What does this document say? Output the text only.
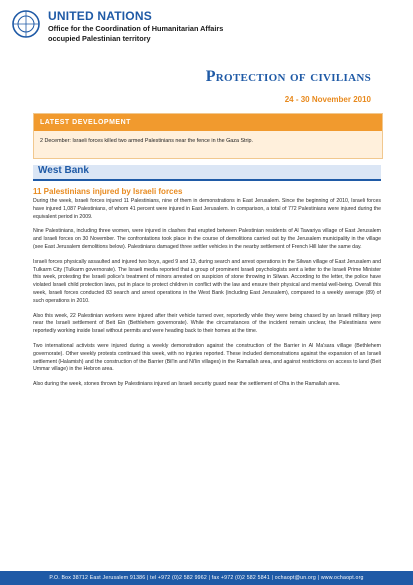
UNITED NATIONS
Office for the Coordination of Humanitarian Affairs
occupied Palestinian territory
Protection of civilians
24 - 30 November 2010
LATEST DEVELOPMENT
2 December: Israeli forces killed two armed Palestinians near the fence in the Gaza Strip.
West Bank
11 Palestinians injured by Israeli forces

During the week, Israeli forces injured 11 Palestinians, nine of them in demonstrations in East Jerusalem. Since the beginning of 2010, Israeli forces have injured 1,087 Palestinians, of whom 41 percent were injured in East Jerusalem. In comparison, a total of 772 Palestinians were injured during the equivalent period in 2009.

Nine Palestinians, including three women, were injured in clashes that erupted between Palestinian residents of Al Tawariya village of East Jerusalem and Israeli forces on 30 November. The confrontations took place in the course of demolitions carried out by the Jerusalem municipality in the village (see East Jerusalem demolitions below). Palestinians damaged three settler vehicles in the nearby settlement of French Hill later the same day.

Israeli forces physically assaulted and injured two boys, aged 9 and 13, during search and arrest operations in the Silwan village of East Jerusalem and Tulkarm City (Tulkarm governorate). The Israeli media reported that a group of prominent Israeli psychologists sent a letter to the Israeli Prime Minister this week, protesting the Israeli police's treatment of minors arrested on suspicion of stone throwing in Silwan. According to the letter, the police have violated Israeli child protection laws, put in place to protect children in conflict with the law and ensure their physical and mental well-being. Overall this week, Israeli forces conducted 83 search and arrest operations in the West Bank (including East Jerusalem), compared to a weekly average (89) of such operations in 2010.

Also this week, 22 Palestinian workers were injured after their vehicle turned over, reportedly while they were being chased by an Israeli military jeep near the Israeli settlement of Beit Ein (Bethlehem governorate). While the circumstances of the incident remain unclear, the Palestinians were reportedly working inside Israel without permits and were heading back to their homes at the time.

Two international activists were injured during a weekly demonstration against the construction of the Barrier in Al Ma'sara village (Bethlehem governorate). Other weekly protests continued this week, with no injuries reported. These included demonstrations against the expansion of an Israeli settlement (Halamish) and the construction of the Barrier (Bil'in and Ni'lin villages) in the Ramallah area, and against restrictions on access to land (Beit Ummar village) in the Hebron area.

Also during the week, stones thrown by Palestinians injured an Israeli security guard near the settlement of Ofra in the Ramallah area.

P.O. Box 38712 East Jerusalem 91386 | tel +972 (0)2 582 9962 | fax +972 (0)2 582 5841 | ochaopt@un.org | www.ochaopt.org
